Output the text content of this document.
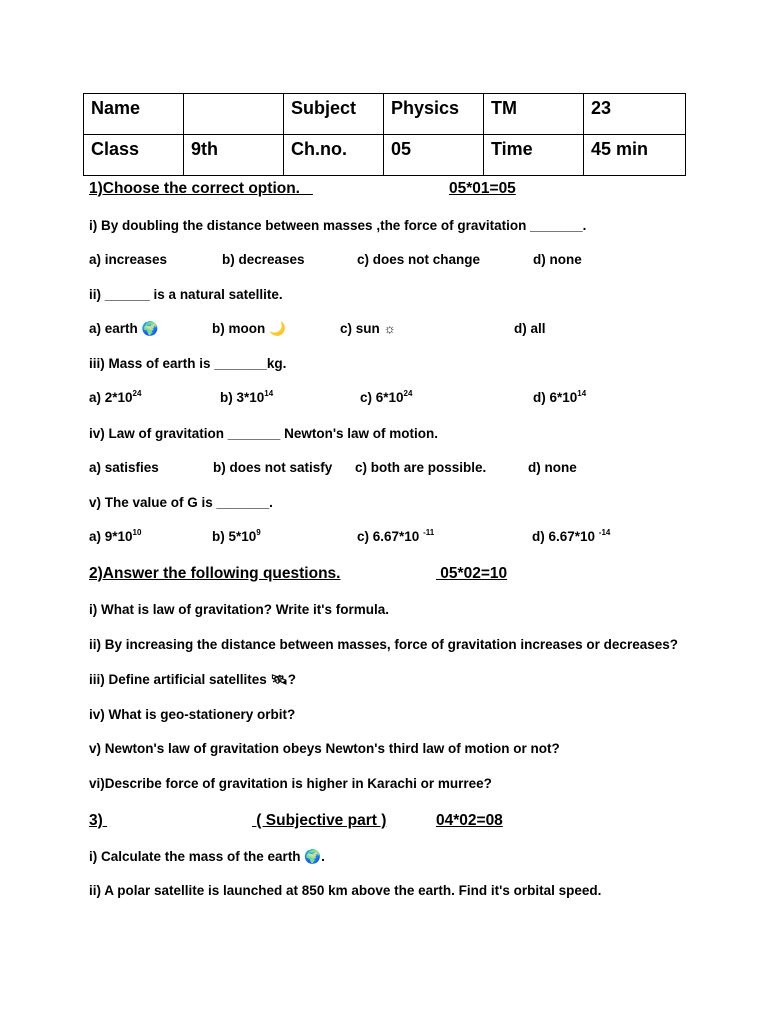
Name		Subject	Physics	TM	23
Class	9th	Ch.no.	05	Time	45 min
1)Choose the correct option.	05*01=05
i) By doubling the distance between masses ,the force of gravitation _______.
a) increases	b) decreases	c) does not change	d) none
ii) ______ is a natural satellite.
a) earth 🌍	b) moon 🌙	c) sun ☼	d) all
iii) Mass of earth is _______kg.
a) $2*10^{24}$	b) $3*10^{14}$	c) $6*10^{24}$	d) $6*10^{14}$
iv) Law of gravitation _______ Newton's law of motion.
a) satisfies	b) does not satisfy c) both are possible.	d) none
v) The value of G is _______.
a) $9*10^{10}$	b) $5*10^9$	c) 6.67*10 $^{-11}$	d) 6.67*10 $^{-14}$
2)Answer the following questions.	05*02=10
i) What is law of gravitation? Write it's formula.
ii) By increasing the distance between masses, force of gravitation increases or decreases?
iii) Define artificial satellites 🛰?
iv) What is geo-stationery orbit?
v) Newton's law of gravitation obeys Newton's third law of motion or not?
vi)Describe force of gravitation is higher in Karachi or murree?
3)	( Subjective part )	04*02=08
i) Calculate the mass of the earth 🌍.
ii) A polar satellite is launched at 850 km above the earth. Find it's orbital speed.
